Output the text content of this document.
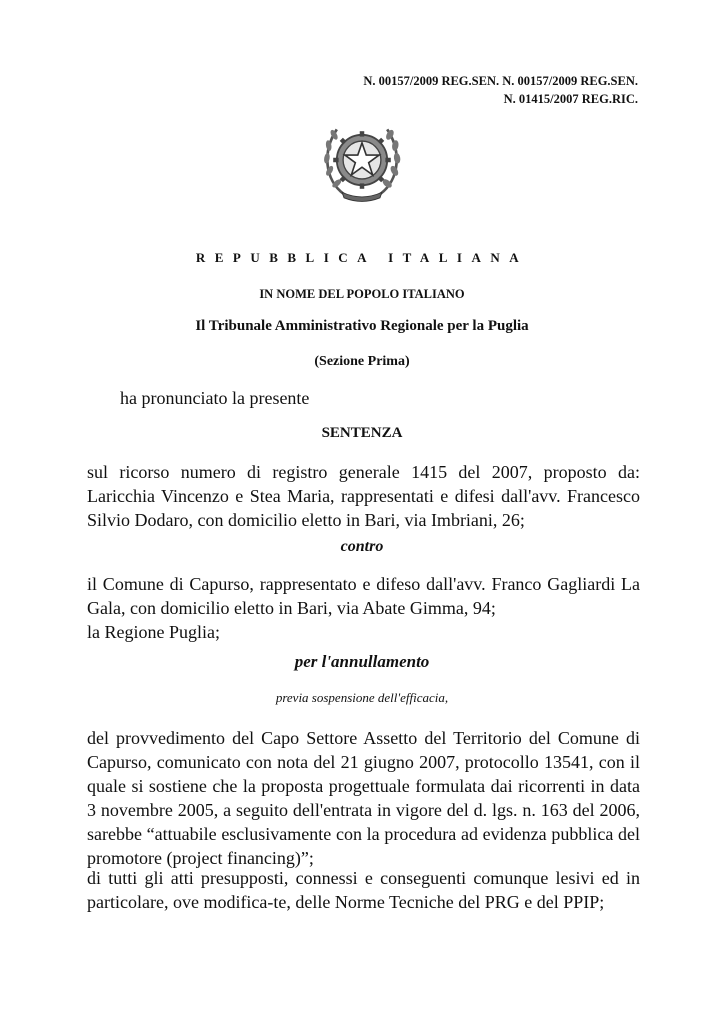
N. 00157/2009 REG.SEN. N. 00157/2009 REG.SEN.
N. 01415/2007 REG.RIC.
REPUBBLICA ITALIANA
IN NOME DEL POPOLO ITALIANO
Il Tribunale Amministrativo Regionale per la Puglia
(Sezione Prima)
ha pronunciato la presente
SENTENZA
sul ricorso numero di registro generale 1415 del 2007, proposto da: Laricchia Vincenzo e Stea Maria, rappresentati e difesi dall'avv. Francesco Silvio Dodaro, con domicilio eletto in Bari, via Imbriani, 26;
contro
il Comune di Capurso, rappresentato e difeso dall'avv. Franco Gagliardi La Gala, con domicilio eletto in Bari, via Abate Gimma, 94;
la Regione Puglia;
per l'annullamento
previa sospensione dell'efficacia,
del provvedimento del Capo Settore Assetto del Territorio del Comune di Capurso, comunicato con nota del 21 giugno 2007, protocollo 13541, con il quale si sostiene che la proposta progettuale formulata dai ricorrenti in data 3 novembre 2005, a seguito dell'entrata in vigore del d. lgs. n. 163 del 2006, sarebbe “attuabile esclusivamente con la procedura ad evidenza pubblica del promotore (project financing)”;
di tutti gli atti presupposti, connessi e conseguenti comunque lesivi ed in particolare, ove modifica-te, delle Norme Tecniche del PRG e del PPIP;
